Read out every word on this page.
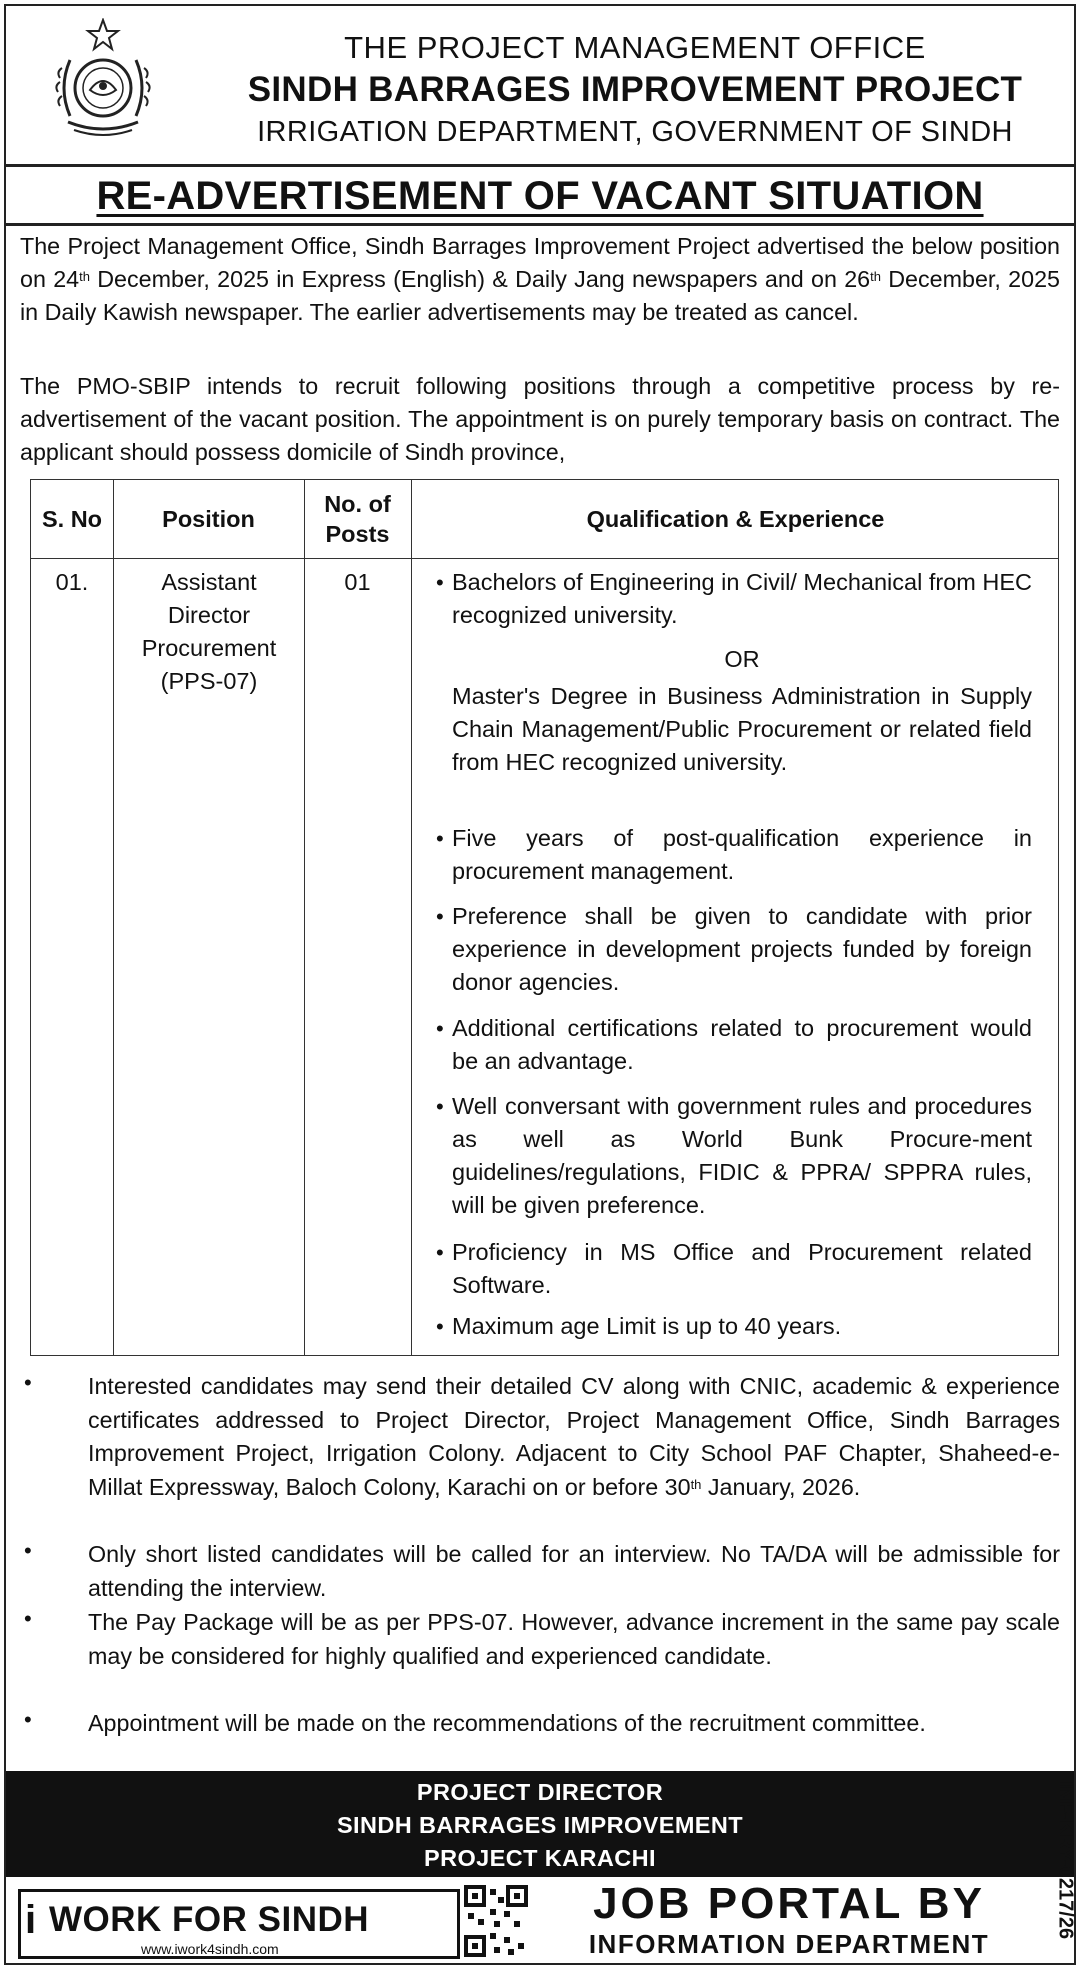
THE PROJECT MANAGEMENT OFFICE
SINDH BARRAGES IMPROVEMENT PROJECT
IRRIGATION DEPARTMENT, GOVERNMENT OF SINDH
RE-ADVERTISEMENT OF VACANT SITUATION
The Project Management Office, Sindh Barrages Improvement Project advertised the below position on 24th December, 2025 in Express (English) & Daily Jang newspapers and on 26th December, 2025 in Daily Kawish newspaper. The earlier advertisements may be treated as cancel.
The PMO-SBIP intends to recruit following positions through a competitive process by re-advertisement of the vacant position. The appointment is on purely temporary basis on contract. The applicant should possess domicile of Sindh province,
S. No	Position
No. of Posts
Qualification & Experience
01.	Assistant Director Procurement (PPS-07)
01
•	Bachelors of Engineering in Civil/ Mechanical from HEC recognized university.
OR
Master's Degree in Business Administration in Supply Chain Management/Public Procurement or related field from HEC recognized university.
•
Five years of post-qualification experience in procurement management.
•
Preference shall be given to candidate with prior experience in development projects funded by foreign donor agencies.
•
Additional certifications related to procurement would be an advantage.
•
Well conversant with government rules and procedures as well as World Bunk Procure-ment guidelines/regulations, FIDIC & PPRA/ SPPRA rules, will be given preference.
•
Proficiency in MS Office and Procurement related Software.
•
Maximum age Limit is up to 40 years.
•
Interested candidates may send their detailed CV along with CNIC, academic & experience certificates addressed to Project Director, Project Management Office, Sindh Barrages Improvement Project, Irrigation Colony. Adjacent to City School PAF Chapter, Shaheed-e-Millat Expressway, Baloch Colony, Karachi on or before 30th January, 2026.
•
Only short listed candidates will be called for an interview. No TA/DA will be admissible for attending the interview.
•
The Pay Package will be as per PPS-07. However, advance increment in the same pay scale may be considered for highly qualified and experienced candidate.
•
Appointment will be made on the recommendations of the recruitment committee.
PROJECT DIRECTOR
SINDH BARRAGES IMPROVEMENT
PROJECT KARACHI
i WORK FOR SINDH
www.iwork4sindh.com
JOB PORTAL BY
INFORMATION DEPARTMENT
INF-KRY-0217/26
